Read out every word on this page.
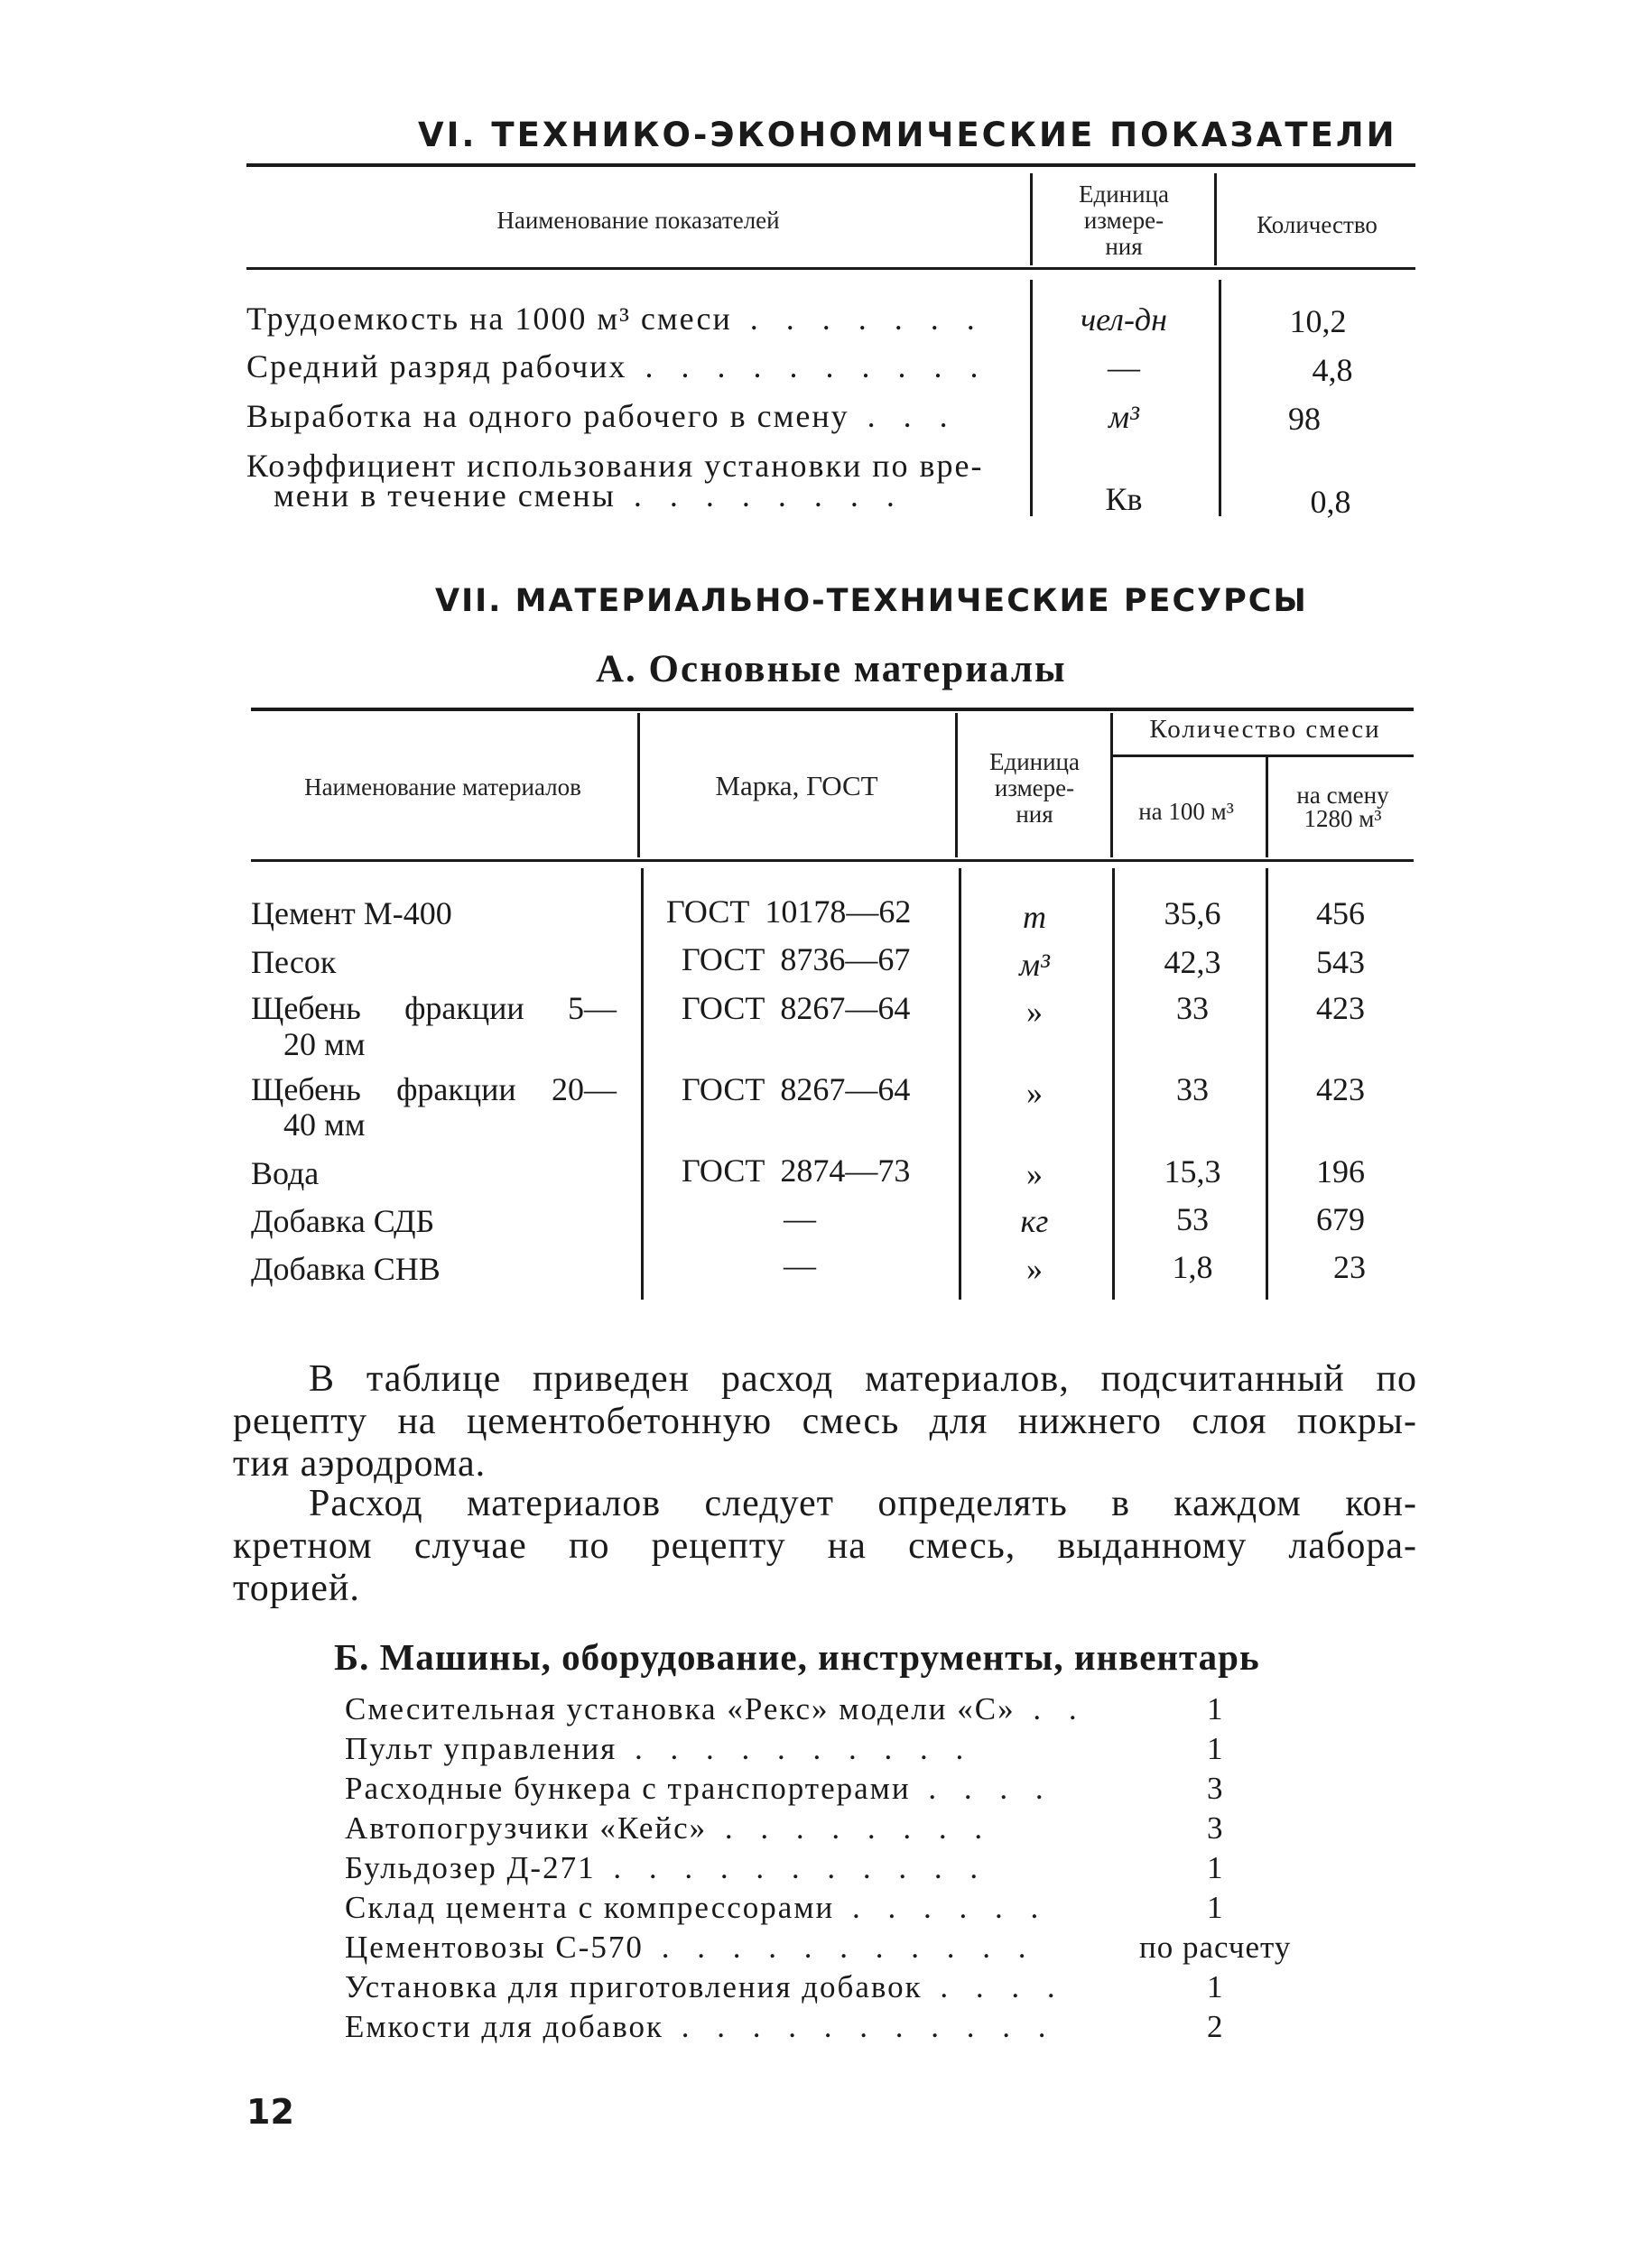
VI. ТЕХНИКО-ЭКОНОМИЧЕСКИЕ ПОКАЗАТЕЛИ
Наименование показателей
Единица
измере-
ния
Количество
Трудоемкость на 1000 м³ смеси . . . . . . .	чел-дн	10,2
Средний разряд рабочих . . . . . . . . . .	—	4,8
Выработка на одного рабочего в смену . . .	м³	98
Коэффициент использования установки по вре-
мени в течение смены . . . . . . . .	Кв	0,8
VII. МАТЕРИАЛЬНО-ТЕХНИЧЕСКИЕ РЕСУРСЫ
А. Основные материалы
Наименование материалов	Марка, ГОСТ
Единица
измере-
ния
Количество смеси
на 100 м³
на смену
1280 м³
Цемент М-400	ГОСТ 10178—62	т	35,6	456
Песок	ГОСТ 8736—67	м³	42,3	543
Щебень фракции 5—
20 мм
ГОСТ 8267—64	»	33	423
Щебень фракции 20—
40 мм
ГОСТ 8267—64	»	33	423
Вода	ГОСТ 2874—73	»	15,3	196
Добавка СДБ	—	кг	53	679
Добавка СНВ	—	»	1,8	23
В таблице приведен расход материалов, подсчитанный по
рецепту на цементобетонную смесь для нижнего слоя покры-
тия аэродрома.
Расход материалов следует определять в каждом кон-
кретном случае по рецепту на смесь, выданному лабора-
торией.
Б. Машины, оборудование, инструменты, инвентарь
Смесительная установка «Рекс» модели «С» . .	1
Пульт управления . . . . . . . . . .	1
Расходные бункера с транспортерами . . . .	3
Автопогрузчики «Кейс» . . . . . . . .	3
Бульдозер Д-271 . . . . . . . . . . .	1
Склад цемента с компрессорами . . . . . .	1
Цементовозы С-570 . . . . . . . . . . .	по расчету
Установка для приготовления добавок . . . .	1
Емкости для добавок . . . . . . . . . . .	2
12
